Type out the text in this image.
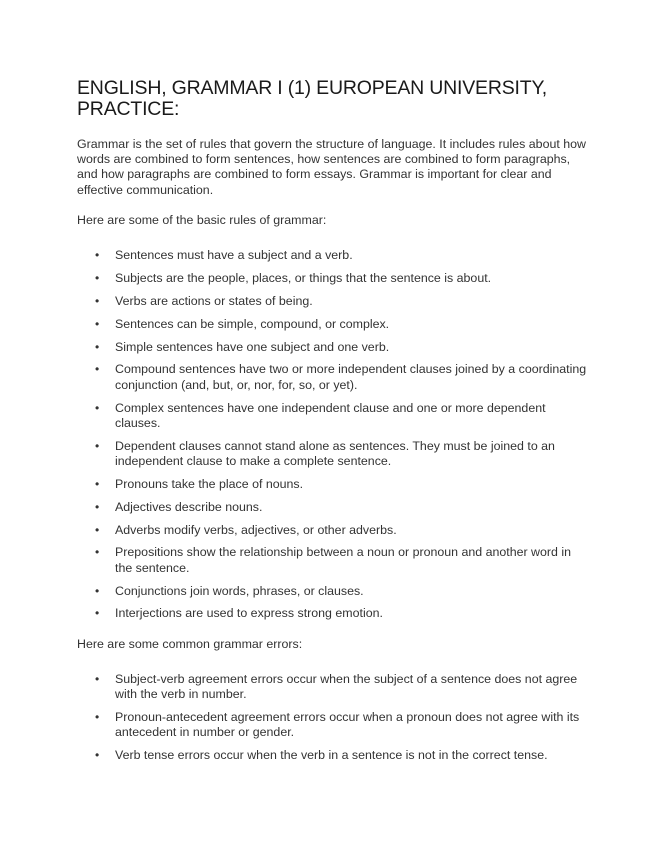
ENGLISH, GRAMMAR I (1) EUROPEAN UNIVERSITY, PRACTICE:

Grammar is the set of rules that govern the structure of language. It includes rules about how words are combined to form sentences, how sentences are combined to form paragraphs, and how paragraphs are combined to form essays. Grammar is important for clear and effective communication.

Here are some of the basic rules of grammar:

• Sentences must have a subject and a verb.
• Subjects are the people, places, or things that the sentence is about.
• Verbs are actions or states of being.
• Sentences can be simple, compound, or complex.
• Simple sentences have one subject and one verb.
• Compound sentences have two or more independent clauses joined by a coordinating conjunction (and, but, or, nor, for, so, or yet).
• Complex sentences have one independent clause and one or more dependent clauses.
• Dependent clauses cannot stand alone as sentences. They must be joined to an independent clause to make a complete sentence.
• Pronouns take the place of nouns.
• Adjectives describe nouns.
• Adverbs modify verbs, adjectives, or other adverbs.
• Prepositions show the relationship between a noun or pronoun and another word in the sentence.
• Conjunctions join words, phrases, or clauses.
• Interjections are used to express strong emotion.

Here are some common grammar errors:

• Subject-verb agreement errors occur when the subject of a sentence does not agree with the verb in number.
• Pronoun-antecedent agreement errors occur when a pronoun does not agree with its antecedent in number or gender.
• Verb tense errors occur when the verb in a sentence is not in the correct tense.
